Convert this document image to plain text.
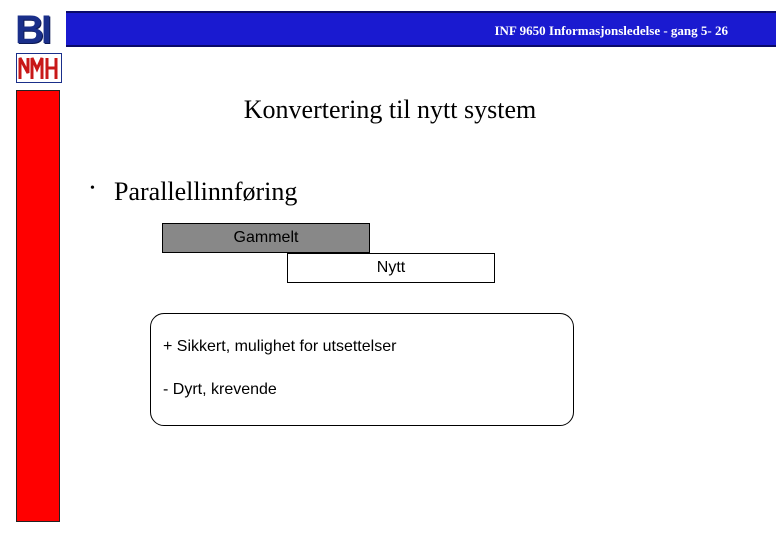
BI	INF 9650 Informasjonsledelse - gang 5- 26
Konvertering til nytt system
• Parallellinnføring
Gammelt
Nytt
+ Sikkert, mulighet for utsettelser
- Dyrt, krevende
